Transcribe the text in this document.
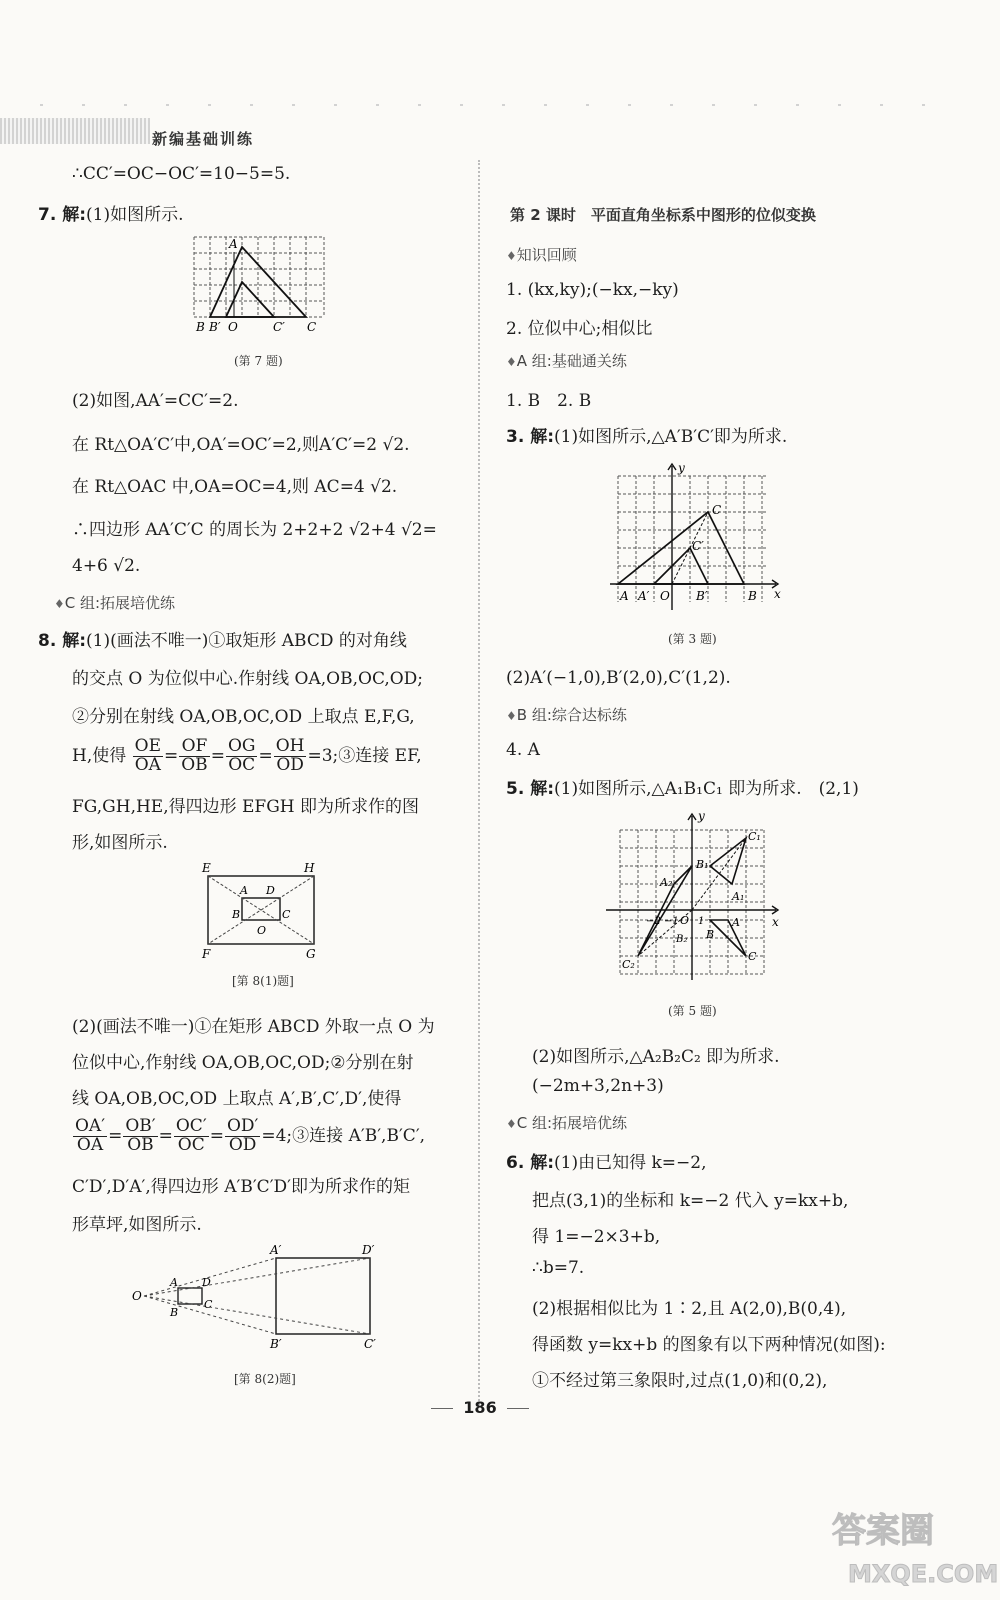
新编基础训练
∴CC′=OC−OC′=10−5=5.
7. 解:(1)如图所示.
A
B B′ O	C′ C
(第 7 题)
(2)如图,AA′=CC′=2.
在 Rt△OA′C′中,OA′=OC′=2,则A′C′=2 √2.
在 Rt△OAC 中,OA=OC=4,则 AC=4 √2.
∴四边形 AA′C′C 的周长为 2+2+2 √2+4 √2=
4+6 √2.
♦ C 组:拓展培优练
8. 解:(1)(画法不唯一)①取矩形 ABCD 的对角线
的交点 O 为位似中心.作射线 OA,OB,OC,OD;
②分别在射线 OA,OB,OC,OD 上取点 E,F,G,
H,使得 $\frac{OE}{OA} = \frac{OF}{OB} = \frac{OG}{OC} = \frac{OH}{OD}$ =3;③连接 EF,
FG,GH,HE,得四边形 EFGH 即为所求作的图
形,如图所示.
E	H
F	G
A D
B	C
O
[第 8(1)题]
(2)(画法不唯一)①在矩形 ABCD 外取一点 O 为
位似中心,作射线 OA,OB,OC,OD;②分别在射
线 OA,OB,OC,OD 上取点 A′,B′,C′,D′,使得
$\frac{OA'}{OA} = \frac{OB'}{OB} = \frac{OC'}{OC} = \frac{OD'}{OD}$ =4;③连接 A′B′,B′C′,
C′D′,D′A′,得四边形 A′B′C′D′即为所求作的矩
形草坪,如图所示.
O
A D
B
C
A′	D′
B′	C′
[第 8(2)题]
第 2 课时　平面直角坐标系中图形的位似变换
♦ 知识回顾
1. (kx,ky);(−kx,−ky)
2. 位似中心;相似比
♦ A 组:基础通关练
1. B　2. B
3. 解:(1)如图所示,△A′B′C′即为所求.
y
x
A A′ O B′	B
C
C′
(第 3 题)
(2)A′(−1,0),B′(2,0),C′(1,2).
♦ B 组:综合达标练
4. A
5. 解:(1)如图所示,△A₁B₁C₁ 即为所求.　(2,1)
y
x
O
C₁
B₁
A₁
A₂
A
B
C
C₂
B₂
−2 −1 1
(第 5 题)
(2)如图所示,△A₂B₂C₂ 即为所求.
(−2m+3,2n+3)
♦ C 组:拓展培优练
6. 解:(1)由已知得 k=−2,
把点(3,1)的坐标和 k=−2 代入 y=kx+b,
得 1=−2×3+b,
∴b=7.
(2)根据相似比为 1∶2,且 A(2,0),B(0,4),
得函数 y=kx+b 的图象有以下两种情况(如图):
①不经过第三象限时,过点(1,0)和(0,2),
186
答案圈
MXQE.COM
